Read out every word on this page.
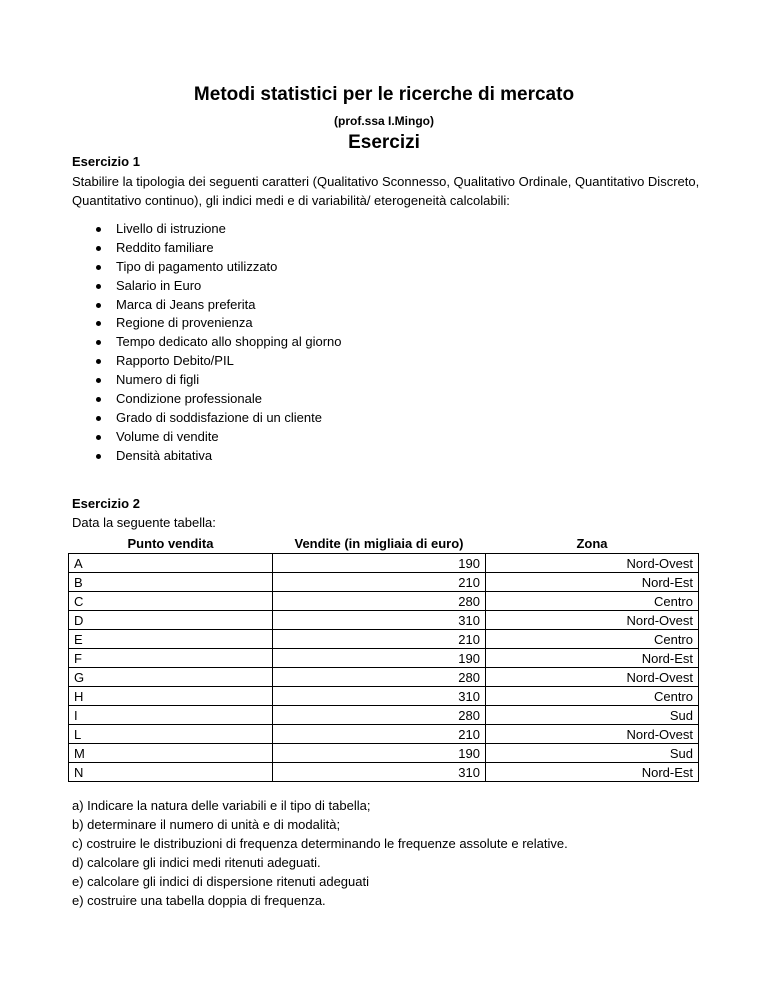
Metodi statistici per le ricerche di mercato
(prof.ssa I.Mingo)
Esercizi
Esercizio 1
Stabilire la tipologia dei seguenti caratteri (Qualitativo Sconnesso, Qualitativo Ordinale, Quantitativo Discreto, Quantitativo continuo), gli indici medi e di variabilità/ eterogeneità calcolabili:
Livello di istruzione
Reddito familiare
Tipo di pagamento utilizzato
Salario in Euro
Marca di Jeans preferita
Regione di provenienza
Tempo dedicato allo shopping al giorno
Rapporto Debito/PIL
Numero di figli
Condizione professionale
Grado di soddisfazione di un cliente
Volume di vendite
Densità abitativa
Esercizio 2
Data la seguente tabella:
Punto vendita	Vendite (in migliaia di euro)	Zona
A	190	Nord-Ovest
B	210	Nord-Est
C	280	Centro
D	310	Nord-Ovest
E	210	Centro
F	190	Nord-Est
G	280	Nord-Ovest
H	310	Centro
I	280	Sud
L	210	Nord-Ovest
M	190	Sud
N	310	Nord-Est
a) Indicare la natura delle variabili e il tipo di tabella;
b) determinare il numero di unità e di modalità;
c) costruire le distribuzioni di frequenza determinando le frequenze assolute e relative.
d) calcolare gli indici medi ritenuti adeguati.
e) calcolare gli indici di dispersione ritenuti adeguati
e) costruire una tabella doppia di frequenza.
